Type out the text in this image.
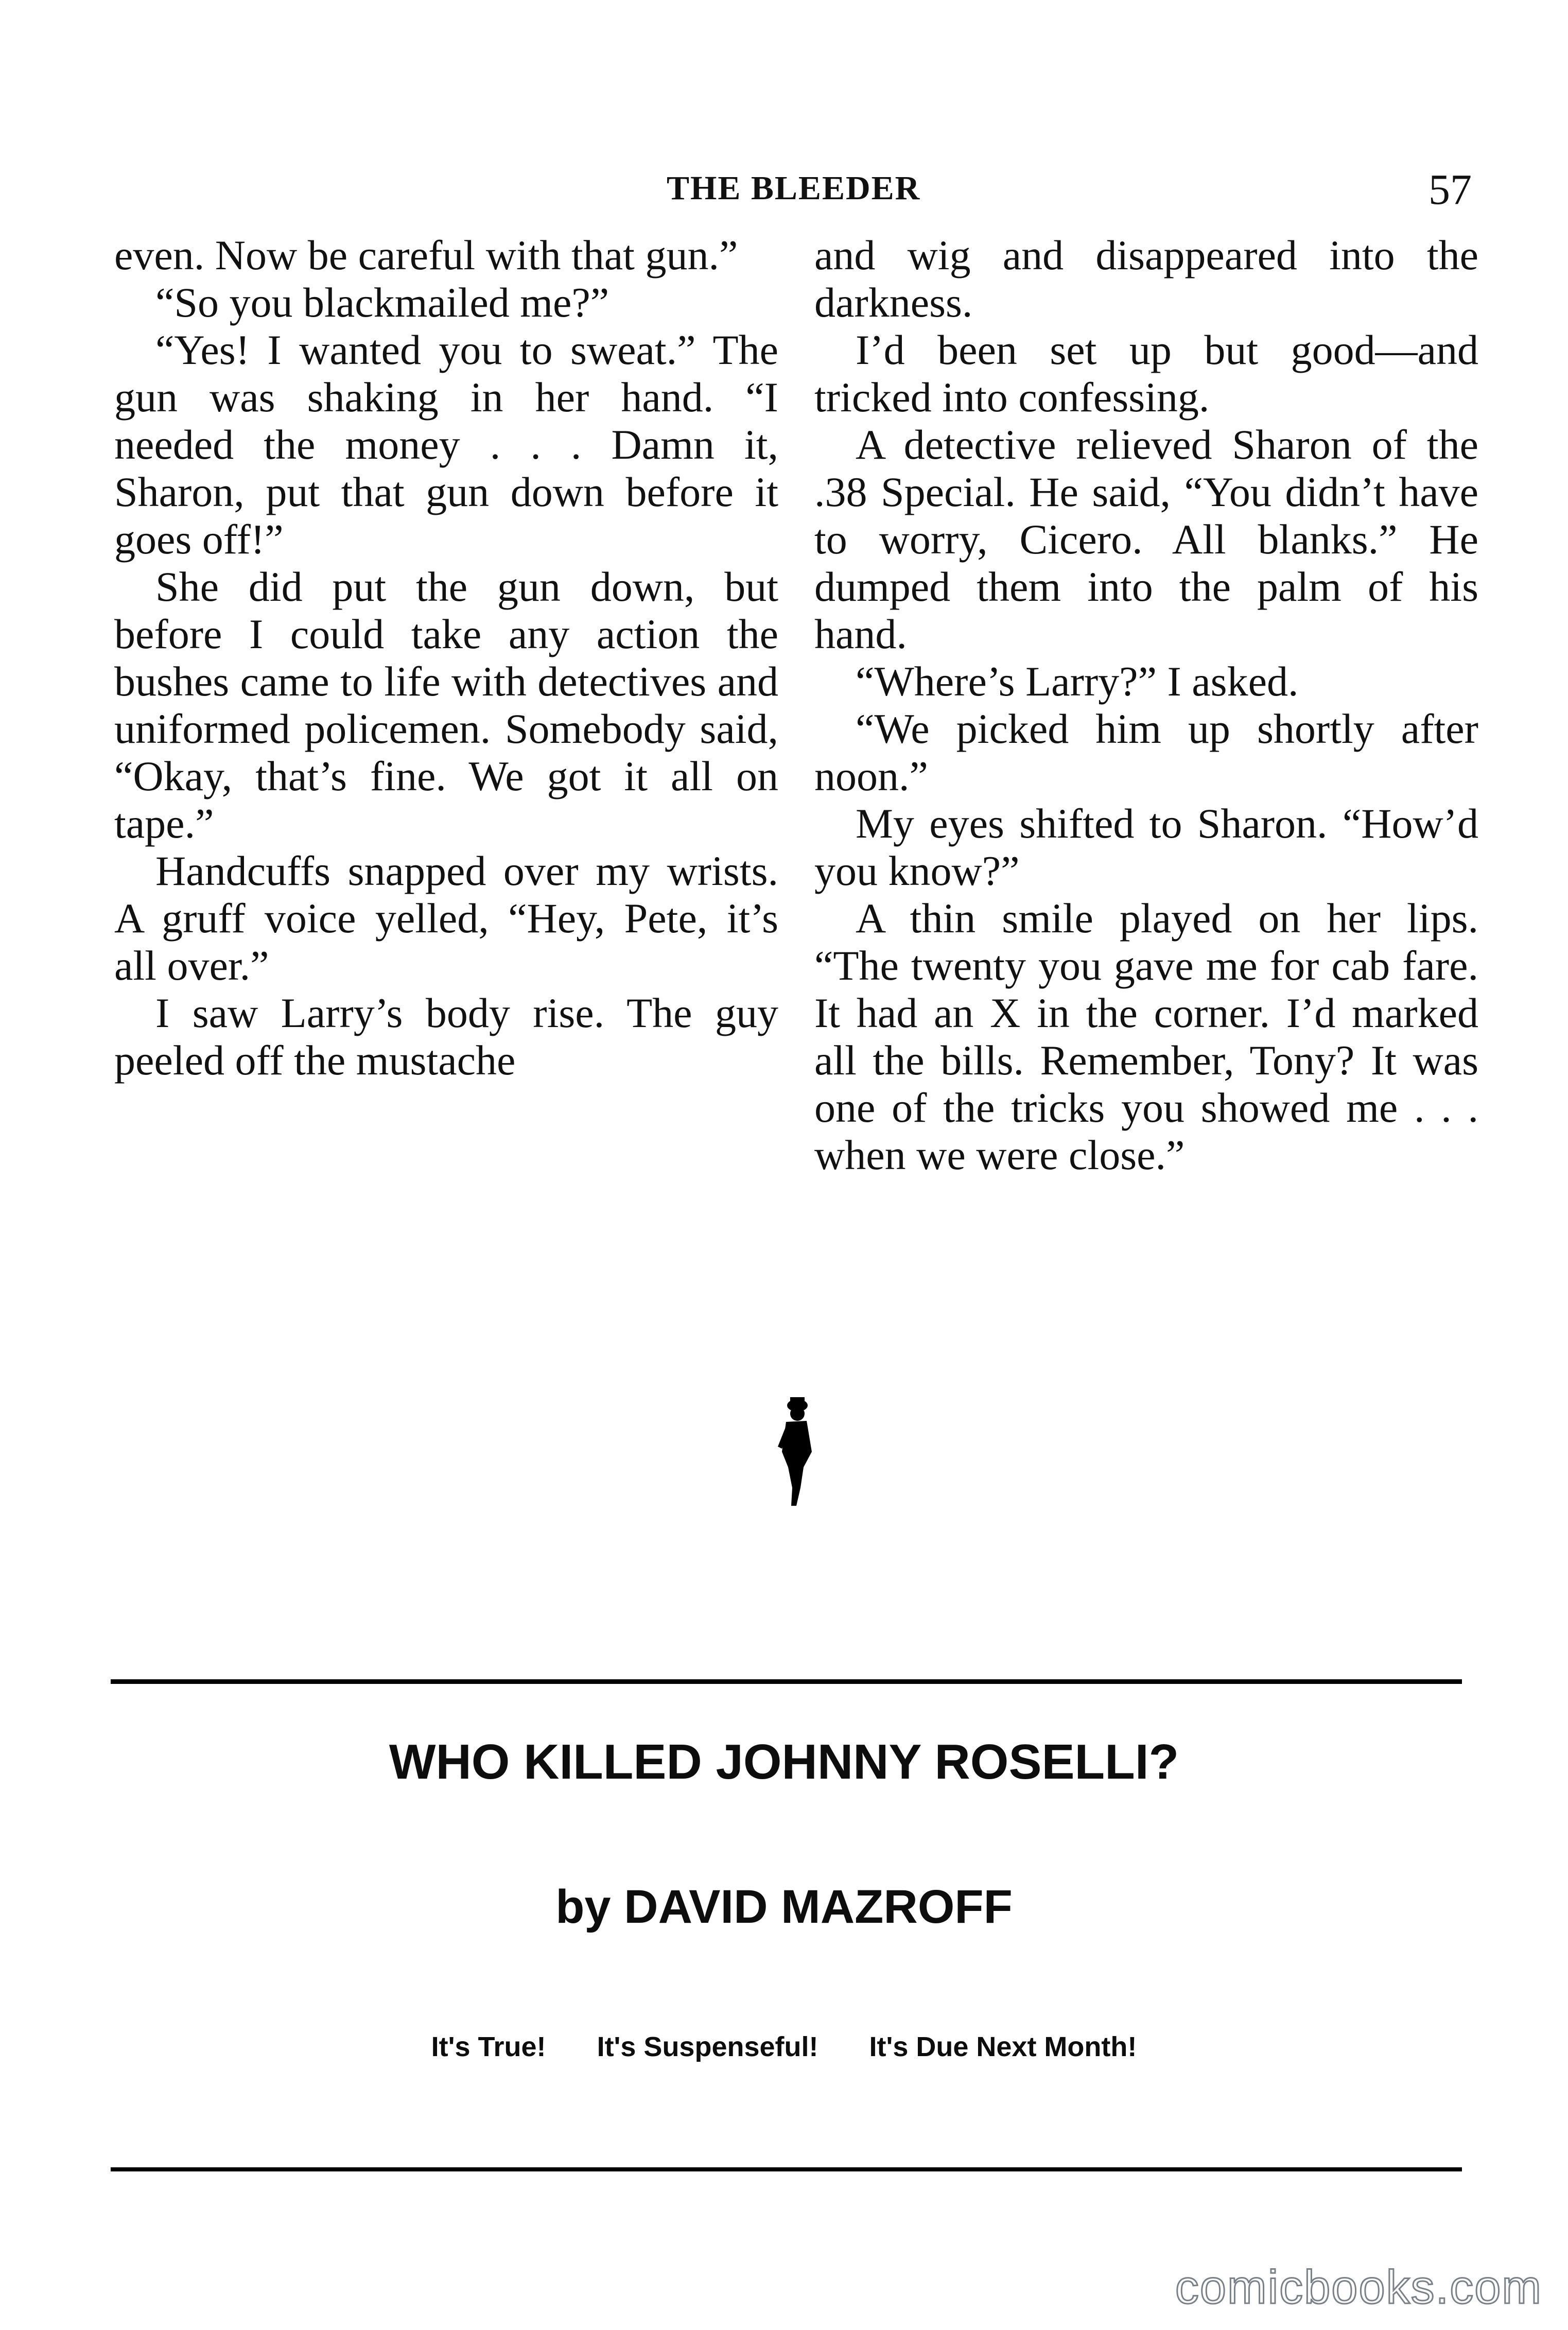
THE BLEEDER	57

even. Now be careful with that gun.”

“So you blackmailed me?”

“Yes! I wanted you to sweat.” The gun was shaking in her hand. “I needed the money . . . Damn it, Sharon, put that gun down before it goes off!”

She did put the gun down, but before I could take any action the bushes came to life with detectives and uniformed policemen. Somebody said, “Okay, that’s fine. We got it all on tape.”

Handcuffs snapped over my wrists. A gruff voice yelled, “Hey, Pete, it’s all over.”

I saw Larry’s body rise. The guy peeled off the mustache

and wig and disappeared into the darkness.

I’d been set up but good—and tricked into confessing.

A detective relieved Sharon of the .38 Special. He said, “You didn’t have to worry, Cicero. All blanks.” He dumped them into the palm of his hand.

“Where’s Larry?” I asked.

“We picked him up shortly after noon.”

My eyes shifted to Sharon. “How’d you know?”

A thin smile played on her lips. “The twenty you gave me for cab fare. It had an X in the corner. I’d marked all the bills. Remember, Tony? It was one of the tricks you showed me . . . when we were close.”

WHO KILLED JOHNNY ROSELLI?
by DAVID MAZROFF
It's True! It's Suspenseful! It's Due Next Month!
comicbooks.com
